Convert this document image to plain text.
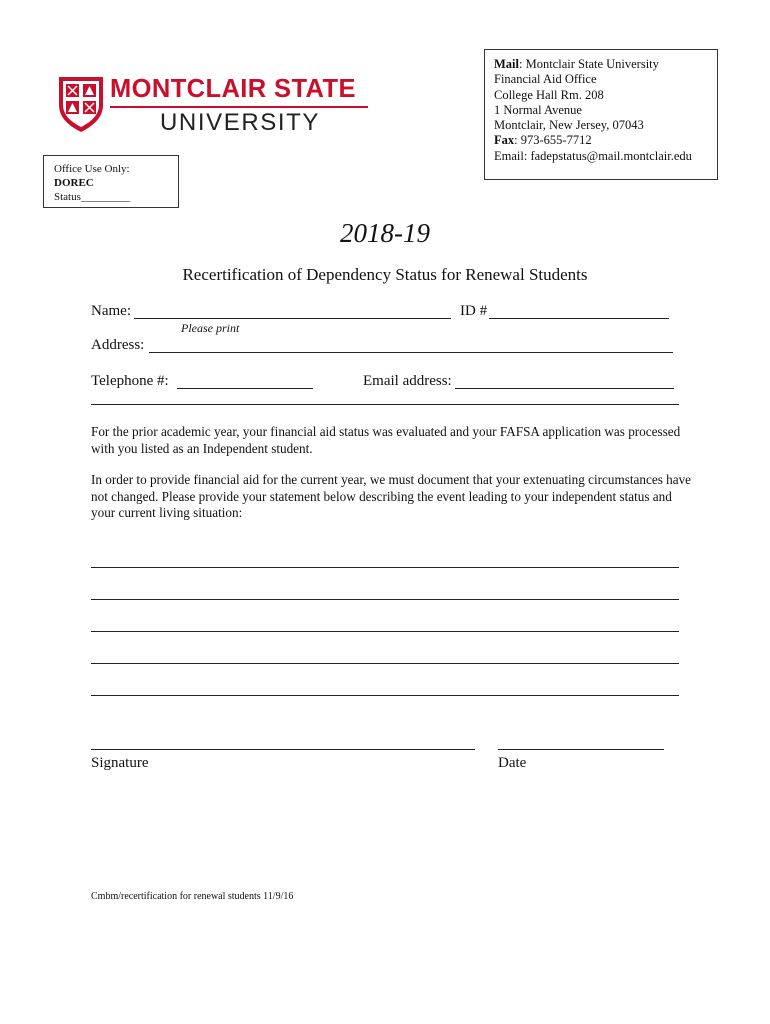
MONTCLAIR STATE
UNIVERSITY
Mail: Montclair State University
Financial Aid Office
College Hall Rm. 208
1 Normal Avenue
Montclair, New Jersey, 07043
Fax: 973-655-7712
Email: fadepstatus@mail.montclair.edu
Office Use Only:
DOREC
Status_________
2018-19
Recertification of Dependency Status for Renewal Students
Name:	ID #
Please print
Address:
Telephone #:	Email address:

For the prior academic year, your financial aid status was evaluated and your FAFSA application was processed with you listed as an Independent student.

In order to provide financial aid for the current year, we must document that your extenuating circumstances have not changed. Please provide your statement below describing the event leading to your independent status and your current living situation:

Signature	Date
Cmbm/recertification for renewal students 11/9/16
